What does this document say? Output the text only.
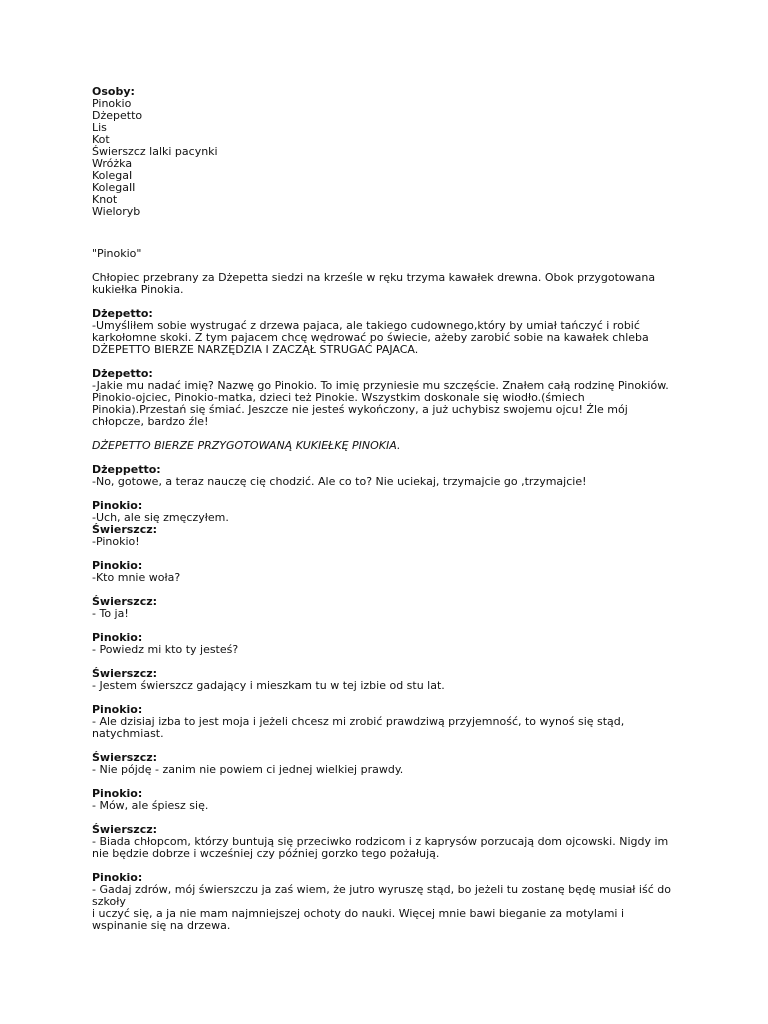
Osoby:
Pinokio
Dżepetto
Lis
Kot
Świerszcz lalki pacynki
Wróżka
KolegaI
KolegaII
Knot
Wieloryb
"Pinokio"
Chłopiec przebrany za Dżepetta siedzi na krześle w ręku trzyma kawałek drewna. Obok przygotowana
kukiełka Pinokia.
Dżepetto:
-Umyśliłem sobie wystrugać z drzewa pajaca, ale takiego cudownego,który by umiał tańczyć i robić
karkołomne skoki. Z tym pajacem chcę wędrować po świecie, ażeby zarobić sobie na kawałek chleba
DŻEPETTO BIERZE NARZĘDZIA I ZACZĄŁ STRUGAĆ PAJACA.
Dżepetto:
-Jakie mu nadać imię? Nazwę go Pinokio. To imię przyniesie mu szczęście. Znałem całą rodzinę Pinokiów.
Pinokio-ojciec, Pinokio-matka, dzieci też Pinokie. Wszystkim doskonale się wiodło.(śmiech
Pinokia).Przestań się śmiać. Jeszcze nie jesteś wykończony, a już uchybisz swojemu ojcu! Źle mój
chłopcze, bardzo źle!
DŻEPETTO BIERZE PRZYGOTOWANĄ KUKIEŁKĘ PINOKIA.
Dżeppetto:
-No, gotowe, a teraz nauczę cię chodzić. Ale co to? Nie uciekaj, trzymajcie go ,trzymajcie!
Pinokio:
-Uch, ale się zmęczyłem.
Świerszcz:
-Pinokio!
Pinokio:
-Kto mnie woła?
Świerszcz:
- To ja!
Pinokio:
- Powiedz mi kto ty jesteś?
Świerszcz:
- Jestem świerszcz gadający i mieszkam tu w tej izbie od stu lat.
Pinokio:
- Ale dzisiaj izba to jest moja i jeżeli chcesz mi zrobić prawdziwą przyjemność, to wynoś się stąd,
natychmiast.
Świerszcz:
- Nie pójdę - zanim nie powiem ci jednej wielkiej prawdy.
Pinokio:
- Mów, ale śpiesz się.
Świerszcz:
- Biada chłopcom, którzy buntują się przeciwko rodzicom i z kaprysów porzucają dom ojcowski. Nigdy im
nie będzie dobrze i wcześniej czy później gorzko tego pożałują.
Pinokio:
- Gadaj zdrów, mój świerszczu ja zaś wiem, że jutro wyruszę stąd, bo jeżeli tu zostanę będę musiał iść do
szkoły
i uczyć się, a ja nie mam najmniejszej ochoty do nauki. Więcej mnie bawi bieganie za motylami i
wspinanie się na drzewa.
